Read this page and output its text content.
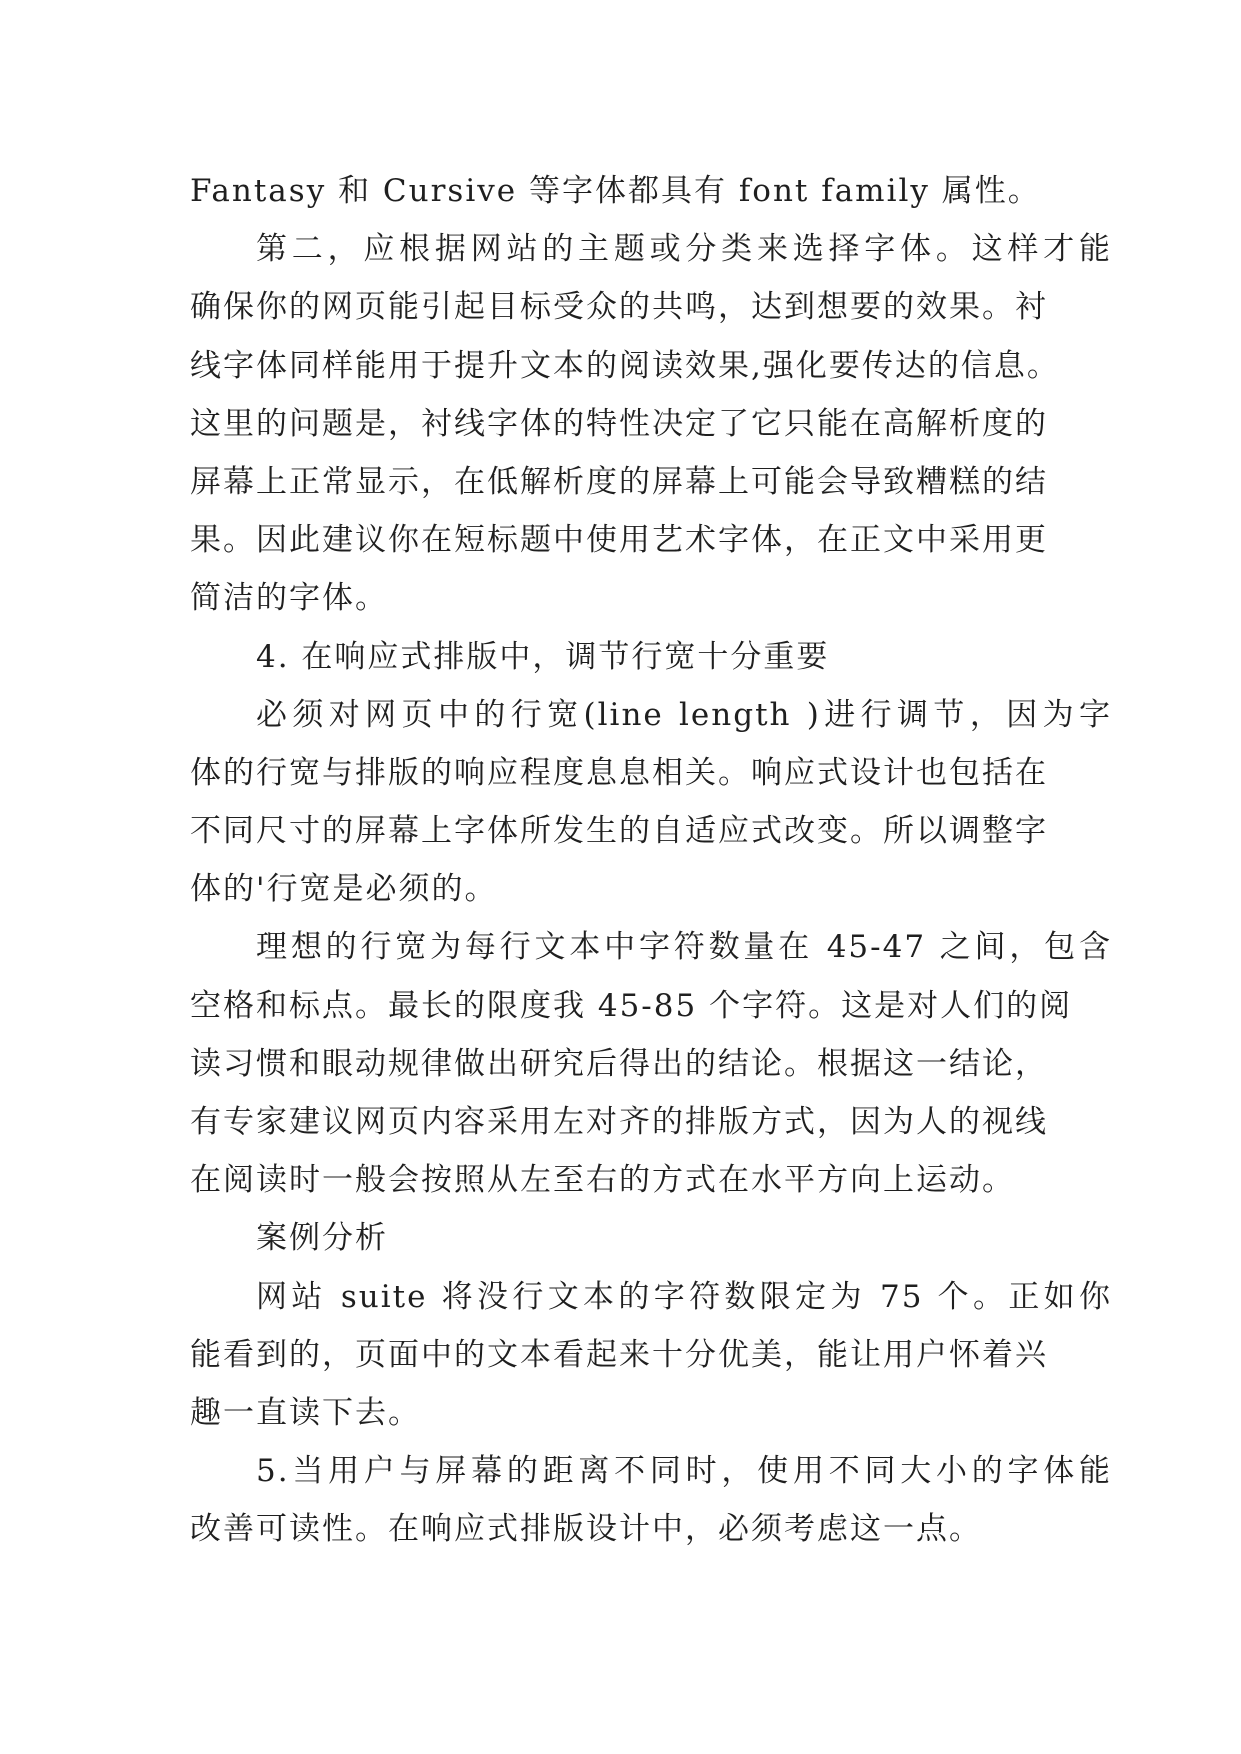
Fantasy 和 Cursive 等字体都具有 font family 属性。
第二，应根据网站的主题或分类来选择字体。这样才能
确保你的网页能引起目标受众的共鸣，达到想要的效果。衬
线字体同样能用于提升文本的阅读效果,强化要传达的信息。
这里的问题是，衬线字体的特性决定了它只能在高解析度的
屏幕上正常显示，在低解析度的屏幕上可能会导致糟糕的结
果。因此建议你在短标题中使用艺术字体，在正文中采用更
简洁的字体。
4. 在响应式排版中，调节行宽十分重要
必须对网页中的行宽(line length )进行调节，因为字
体的行宽与排版的响应程度息息相关。响应式设计也包括在
不同尺寸的屏幕上字体所发生的自适应式改变。所以调整字
体的'行宽是必须的。
理想的行宽为每行文本中字符数量在 45-47 之间，包含
空格和标点。最长的限度我 45-85 个字符。这是对人们的阅
读习惯和眼动规律做出研究后得出的结论。根据这一结论，
有专家建议网页内容采用左对齐的排版方式，因为人的视线
在阅读时一般会按照从左至右的方式在水平方向上运动。
案例分析
网站 suite 将没行文本的字符数限定为 75 个。正如你
能看到的，页面中的文本看起来十分优美，能让用户怀着兴
趣一直读下去。
5.当用户与屏幕的距离不同时，使用不同大小的字体能
改善可读性。在响应式排版设计中，必须考虑这一点。
